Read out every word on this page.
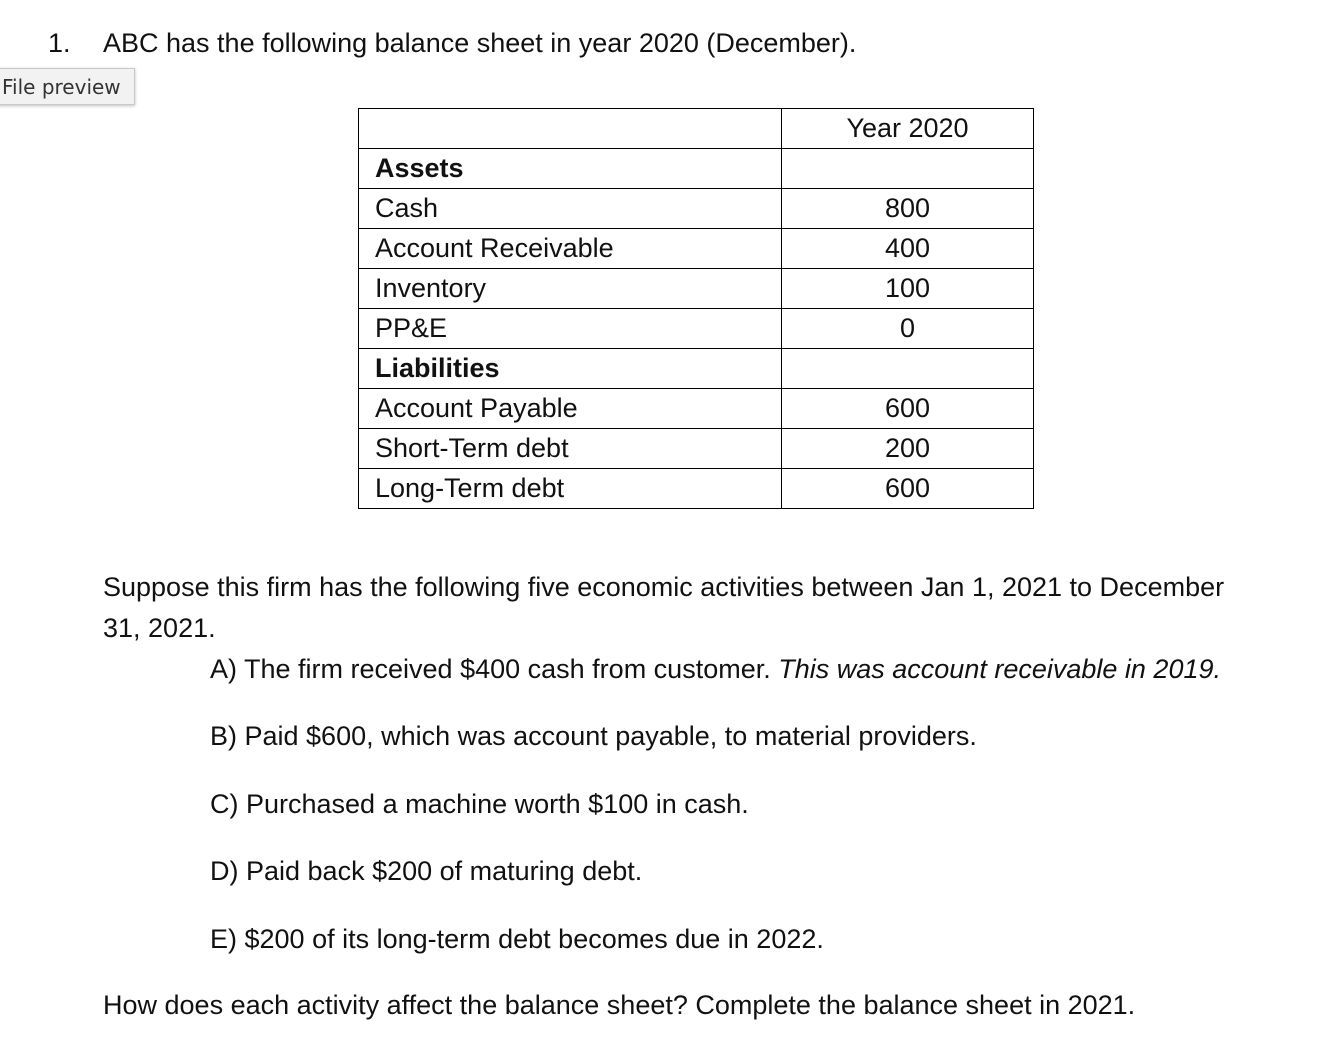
1. ABC has the following balance sheet in year 2020 (December).
File preview
	Year 2020
Assets	
Cash	800
Account Receivable	400
Inventory	100
PP&E	0
Liabilities	
Account Payable	600
Short-Term debt	200
Long-Term debt	600
Suppose this firm has the following five economic activities between Jan 1, 2021 to December
31, 2021.
A) The firm received $400 cash from customer. This was account receivable in 2019.
B) Paid $600, which was account payable, to material providers.
C) Purchased a machine worth $100 in cash.
D) Paid back $200 of maturing debt.
E) $200 of its long-term debt becomes due in 2022.
How does each activity affect the balance sheet? Complete the balance sheet in 2021.
